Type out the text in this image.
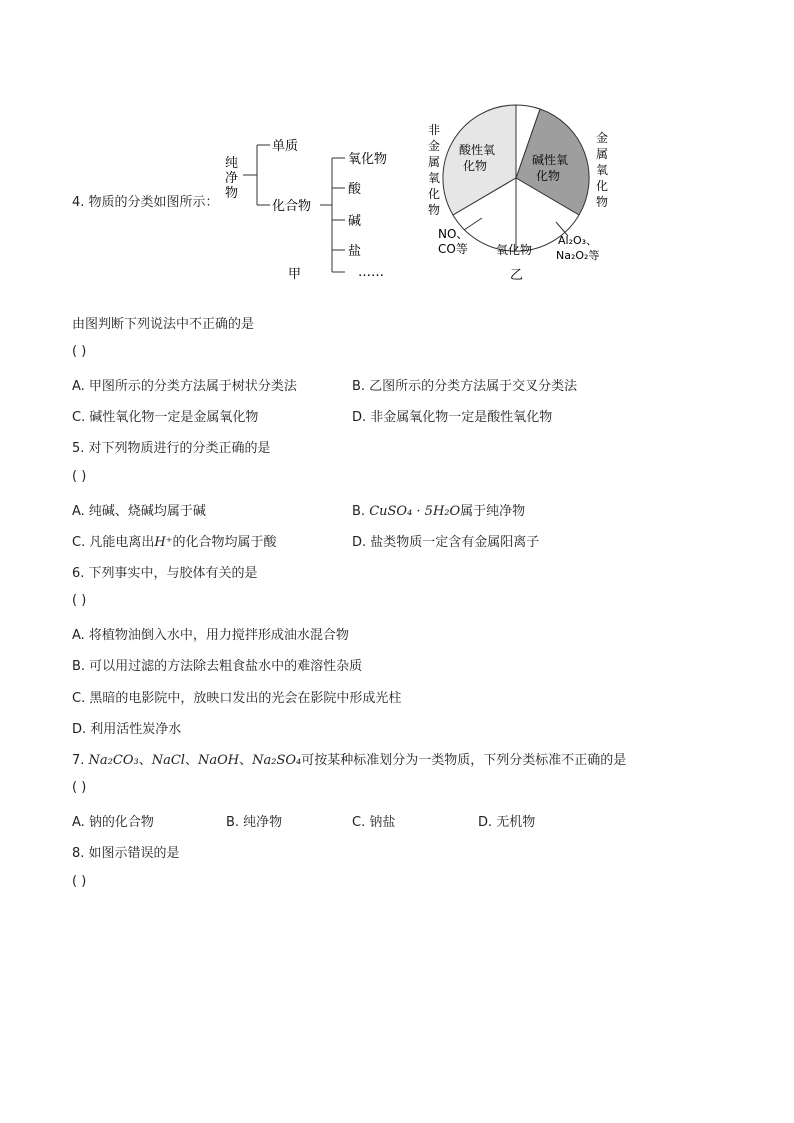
4. 物质的分类如图所示：
纯
净
物
单质
化合物
氧化物
酸
碱
盐
……
甲
酸性氧
化物	碱性氧
化物
非
金
属
氧
化
物
金
属
氧
化
物
NO、
CO等 氧化物
Al₂O₃、
Na₂O₂等
乙
由图判断下列说法中不正确的是
( )
A. 甲图所示的分类方法属于树状分类法	B. 乙图所示的分类方法属于交叉分类法
C. 碱性氧化物一定是金属氧化物	D. 非金属氧化物一定是酸性氧化物
5. 对下列物质进行的分类正确的是
( )
A. 纯碱、烧碱均属于碱	B. CuSO₄ · 5H₂O属于纯净物
C. 凡能电离出H⁺的化合物均属于酸	D. 盐类物质一定含有金属阳离子
6. 下列事实中，与胶体有关的是
( )
A. 将植物油倒入水中，用力搅拌形成油水混合物
B. 可以用过滤的方法除去粗食盐水中的难溶性杂质
C. 黑暗的电影院中，放映口发出的光会在影院中形成光柱
D. 利用活性炭净水
7. Na₂CO₃、NaCl、NaOH、Na₂SO₄可按某种标准划分为一类物质，下列分类标准不正确的是
( )
A. 钠的化合物	B. 纯净物	C. 钠盐	D. 无机物
8. 如图示错误的是
( )
